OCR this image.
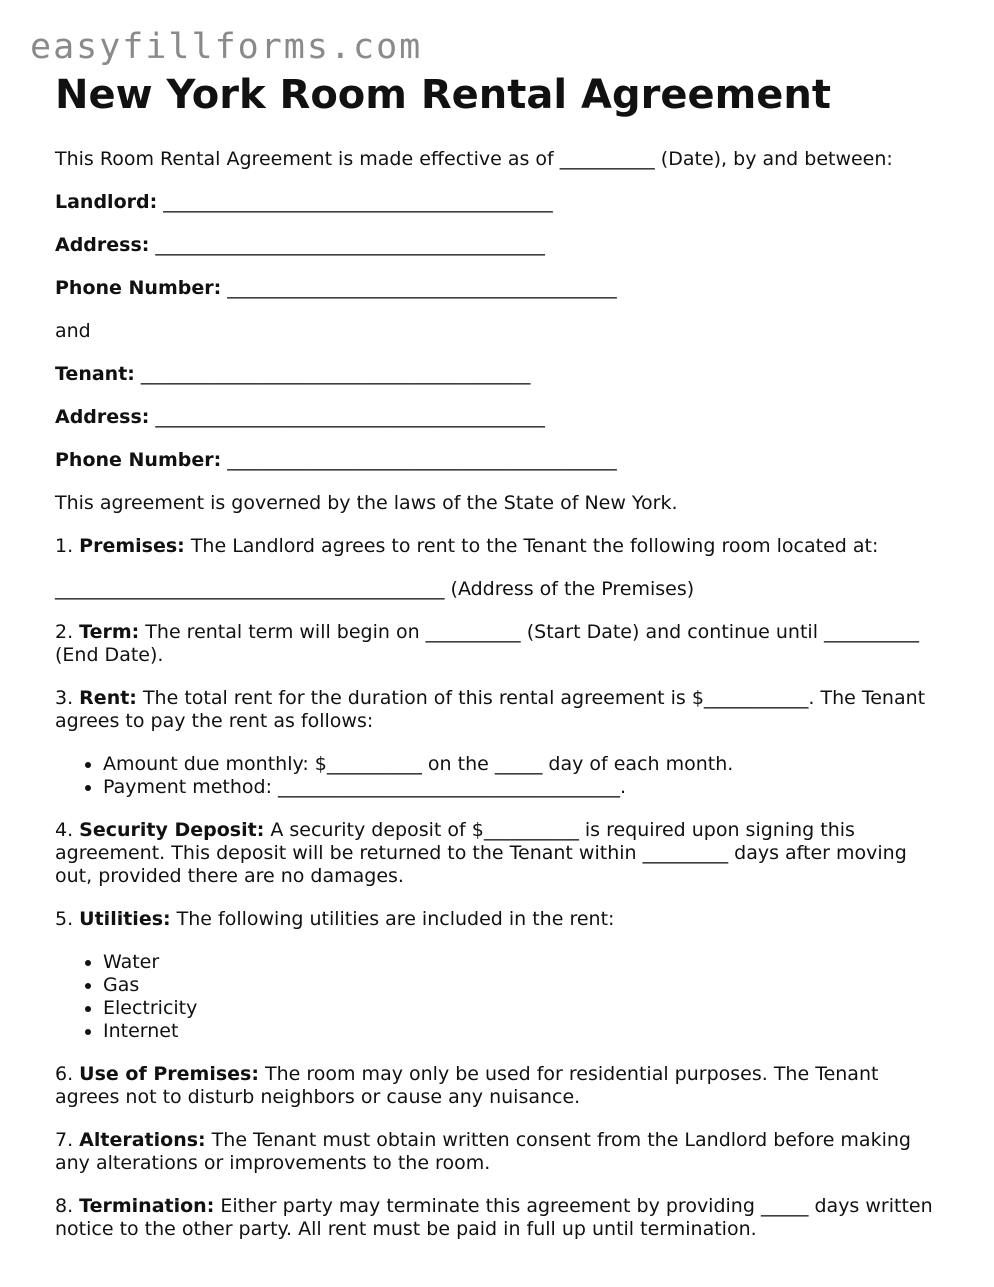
easyfillforms.com
New York Room Rental Agreement

This Room Rental Agreement is made effective as of __________ (Date), by and between:

Landlord: _________________________________________

Address: _________________________________________

Phone Number: _________________________________________

and

Tenant: _________________________________________

Address: _________________________________________

Phone Number: _________________________________________

This agreement is governed by the laws of the State of New York.

1. Premises: The Landlord agrees to rent to the Tenant the following room located at:

_________________________________________ (Address of the Premises)

2. Term: The rental term will begin on __________ (Start Date) and continue until __________ (End Date).

3. Rent: The total rent for the duration of this rental agreement is $___________. The Tenant agrees to pay the rent as follows:

• Amount due monthly: $__________ on the _____ day of each month.
• Payment method: ____________________________________.

4. Security Deposit: A security deposit of $__________ is required upon signing this agreement. This deposit will be returned to the Tenant within _________ days after moving out, provided there are no damages.

5. Utilities: The following utilities are included in the rent:

• Water
• Gas
• Electricity
• Internet

6. Use of Premises: The room may only be used for residential purposes. The Tenant agrees not to disturb neighbors or cause any nuisance.

7. Alterations: The Tenant must obtain written consent from the Landlord before making any alterations or improvements to the room.

8. Termination: Either party may terminate this agreement by providing _____ days written notice to the other party. All rent must be paid in full up until termination.
